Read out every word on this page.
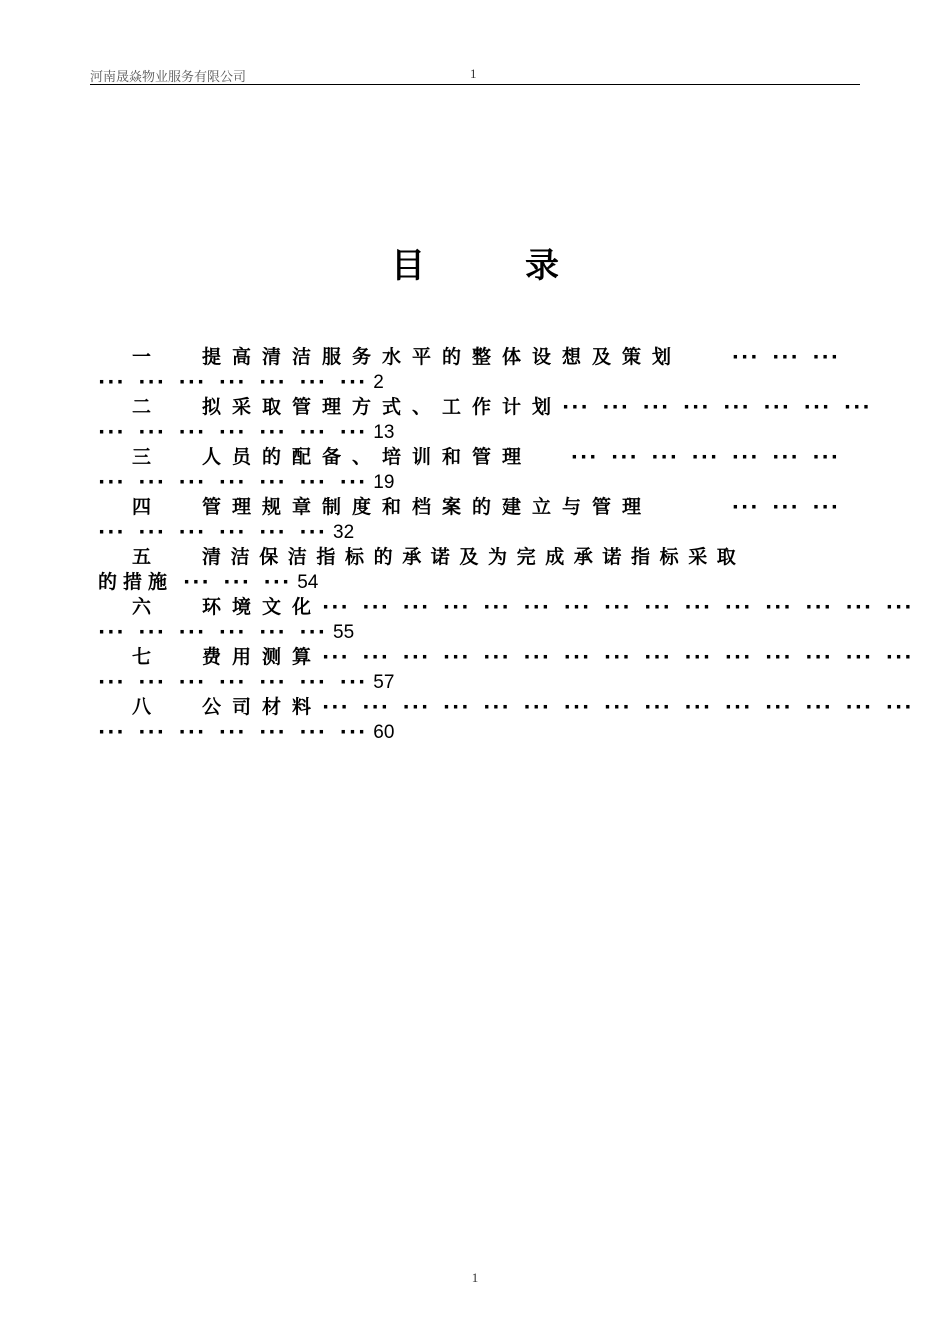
河南晟焱物业服务有限公司	1
目录
一	提高清洁服务水平的整体设想及策划	··· ··· ···
··· ··· ··· ··· ··· ··· ··· 2
二	拟采取管理方式、工作计划 ··· ··· ··· ··· ··· ··· ··· ···
··· ··· ··· ··· ··· ··· ··· 13
三	人员的配备、培训和管理 ··· ··· ··· ··· ··· ··· ···
··· ··· ··· ··· ··· ··· ··· 19
四	管理规章制度和档案的建立与管理	··· ··· ···
··· ··· ··· ··· ··· ··· 32
五	清洁保洁指标的承诺及为完成承诺指标采取
的措施 ··· ··· ··· 54
六	环境文化 ··· ··· ··· ··· ··· ··· ··· ··· ··· ··· ··· ··· ··· ··· ···
··· ··· ··· ··· ··· ··· 55
七	费用测算 ··· ··· ··· ··· ··· ··· ··· ··· ··· ··· ··· ··· ··· ··· ···
··· ··· ··· ··· ··· ··· ··· 57
八	公司材料 ··· ··· ··· ··· ··· ··· ··· ··· ··· ··· ··· ··· ··· ··· ···
··· ··· ··· ··· ··· ··· ··· 60
1
